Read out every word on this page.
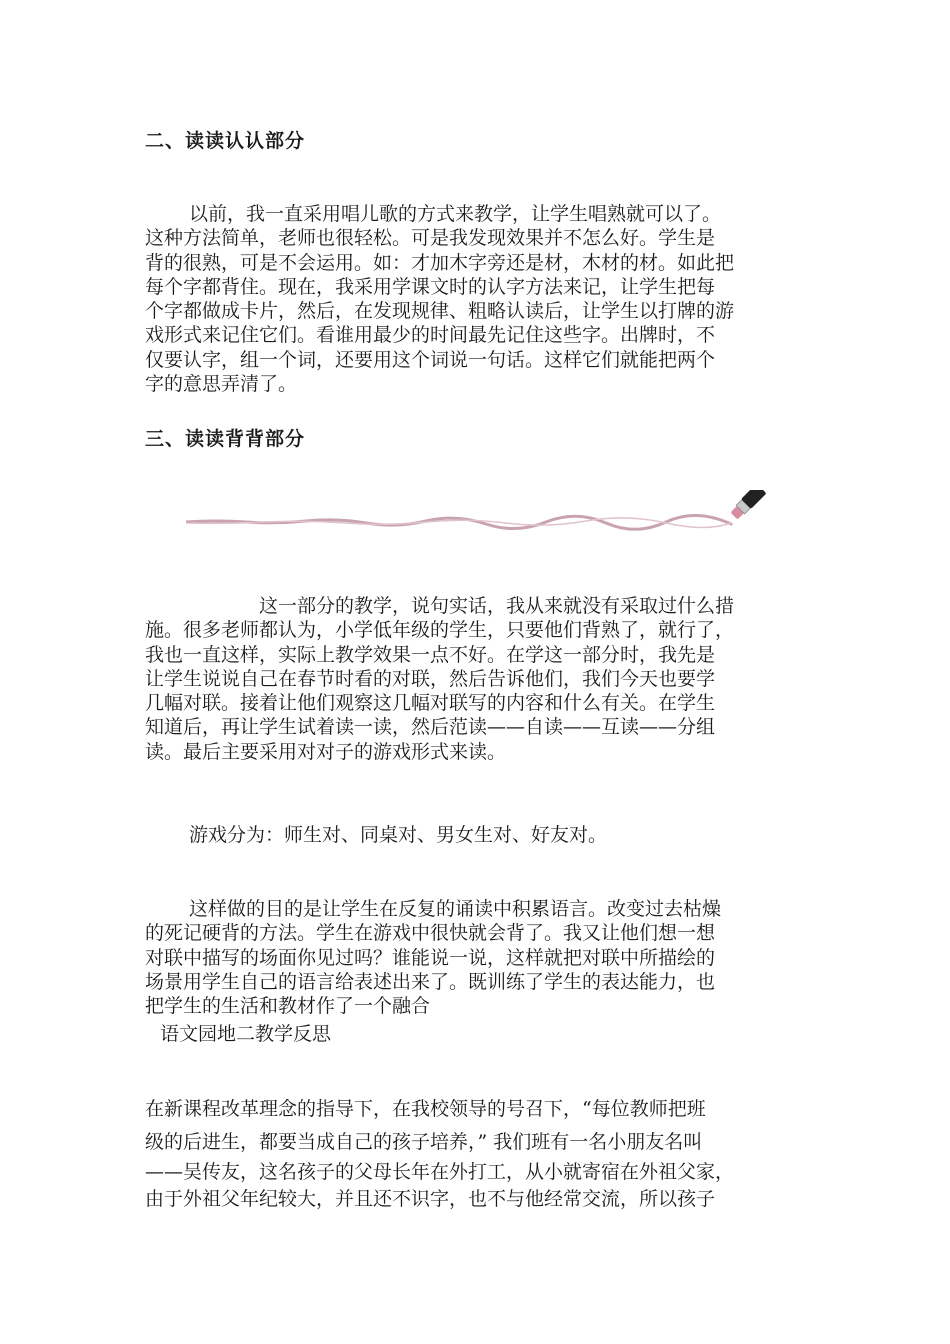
二、读读认认部分
以前，我一直采用唱儿歌的方式来教学，让学生唱熟就可以了。
这种方法简单，老师也很轻松。可是我发现效果并不怎么好。学生是
背的很熟，可是不会运用。如：才加木字旁还是材，木材的材。如此把
每个字都背住。现在，我采用学课文时的认字方法来记，让学生把每
个字都做成卡片，然后，在发现规律、粗略认读后，让学生以打牌的游
戏形式来记住它们。看谁用最少的时间最先记住这些字。出牌时，不
仅要认字，组一个词，还要用这个词说一句话。这样它们就能把两个
字的意思弄清了。
三、读读背背部分
这一部分的教学，说句实话，我从来就没有采取过什么措
施。很多老师都认为，小学低年级的学生，只要他们背熟了，就行了，
我也一直这样，实际上教学效果一点不好。在学这一部分时，我先是
让学生说说自己在春节时看的对联，然后告诉他们，我们今天也要学
几幅对联。接着让他们观察这几幅对联写的内容和什么有关。在学生
知道后，再让学生试着读一读，然后范读——自读——互读——分组
读。最后主要采用对对子的游戏形式来读。
游戏分为：师生对、同桌对、男女生对、好友对。
这样做的目的是让学生在反复的诵读中积累语言。改变过去枯燥
的死记硬背的方法。学生在游戏中很快就会背了。我又让他们想一想
对联中描写的场面你见过吗？谁能说一说，这样就把对联中所描绘的
场景用学生自己的语言给表述出来了。既训练了学生的表达能力，也
把学生的生活和教材作了一个融合
语文园地二教学反思
在新课程改革理念的指导下，在我校领导的号召下，“每位教师把班
级的后进生，都要当成自己的孩子培养，” 我们班有一名小朋友名叫
——吴传友，这名孩子的父母长年在外打工，从小就寄宿在外祖父家，
由于外祖父年纪较大，并且还不识字，也不与他经常交流，所以孩子
